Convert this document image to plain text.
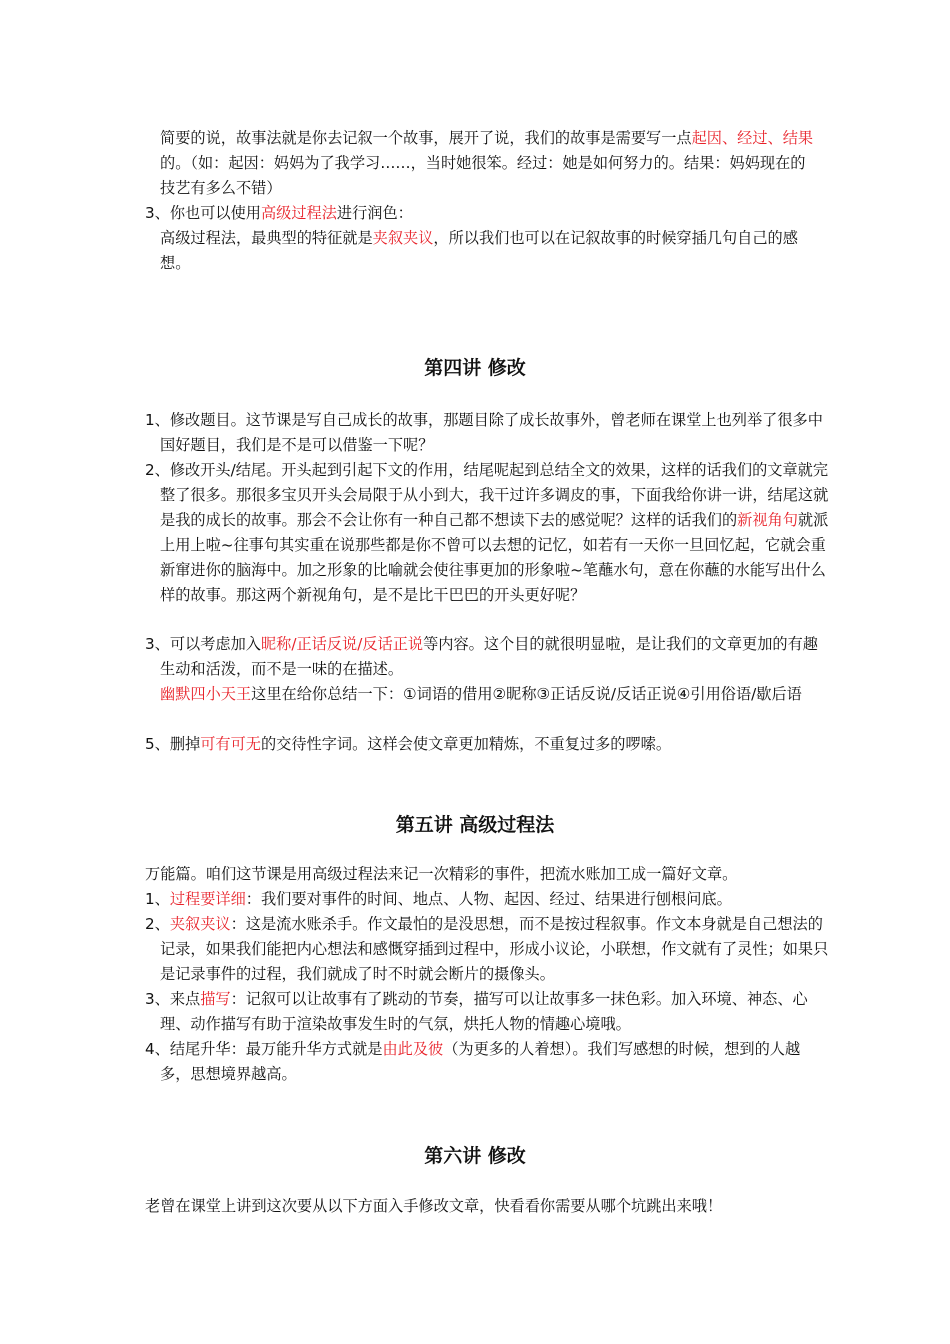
简要的说，故事法就是你去记叙一个故事，展开了说，我们的故事是需要写一点起因、经过、结果的。（如：起因：妈妈为了我学习……，当时她很笨。经过：她是如何努力的。结果：妈妈现在的技艺有多么不错）

3、你也可以使用高级过程法进行润色：

高级过程法，最典型的特征就是夹叙夹议，所以我们也可以在记叙故事的时候穿插几句自己的感想。

第四讲 修改

1、修改题目。这节课是写自己成长的故事，那题目除了成长故事外，曾老师在课堂上也列举了很多中国好题目，我们是不是可以借鉴一下呢？

2、修改开头/结尾。开头起到引起下文的作用，结尾呢起到总结全文的效果，这样的话我们的文章就完整了很多。那很多宝贝开头会局限于从小到大，我干过许多调皮的事，下面我给你讲一讲，结尾这就是我的成长的故事。那会不会让你有一种自己都不想读下去的感觉呢？这样的话我们的新视角句就派上用上啦~往事句其实重在说那些都是你不曾可以去想的记忆，如若有一天你一旦回忆起，它就会重新窜进你的脑海中。加之形象的比喻就会使往事更加的形象啦~笔蘸水句，意在你蘸的水能写出什么样的故事。那这两个新视角句，是不是比干巴巴的开头更好呢？

3、可以考虑加入昵称/正话反说/反话正说等内容。这个目的就很明显啦，是让我们的文章更加的有趣生动和活泼，而不是一味的在描述。

幽默四小天王这里在给你总结一下：①词语的借用②昵称③正话反说/反话正说④引用俗语/歇后语

5、删掉可有可无的交待性字词。这样会使文章更加精炼，不重复过多的啰嗦。

第五讲 高级过程法

万能篇。咱们这节课是用高级过程法来记一次精彩的事件，把流水账加工成一篇好文章。

1、过程要详细：我们要对事件的时间、地点、人物、起因、经过、结果进行刨根问底。

2、夹叙夹议：这是流水账杀手。作文最怕的是没思想，而不是按过程叙事。作文本身就是自己想法的记录，如果我们能把内心想法和感慨穿插到过程中，形成小议论，小联想，作文就有了灵性；如果只是记录事件的过程，我们就成了时不时就会断片的摄像头。

3、来点描写：记叙可以让故事有了跳动的节奏，描写可以让故事多一抹色彩。加入环境、神态、心理、动作描写有助于渲染故事发生时的气氛，烘托人物的情趣心境哦。

4、结尾升华：最万能升华方式就是由此及彼（为更多的人着想）。我们写感想的时候，想到的人越多，思想境界越高。

第六讲 修改

老曾在课堂上讲到这次要从以下方面入手修改文章，快看看你需要从哪个坑跳出来哦！
